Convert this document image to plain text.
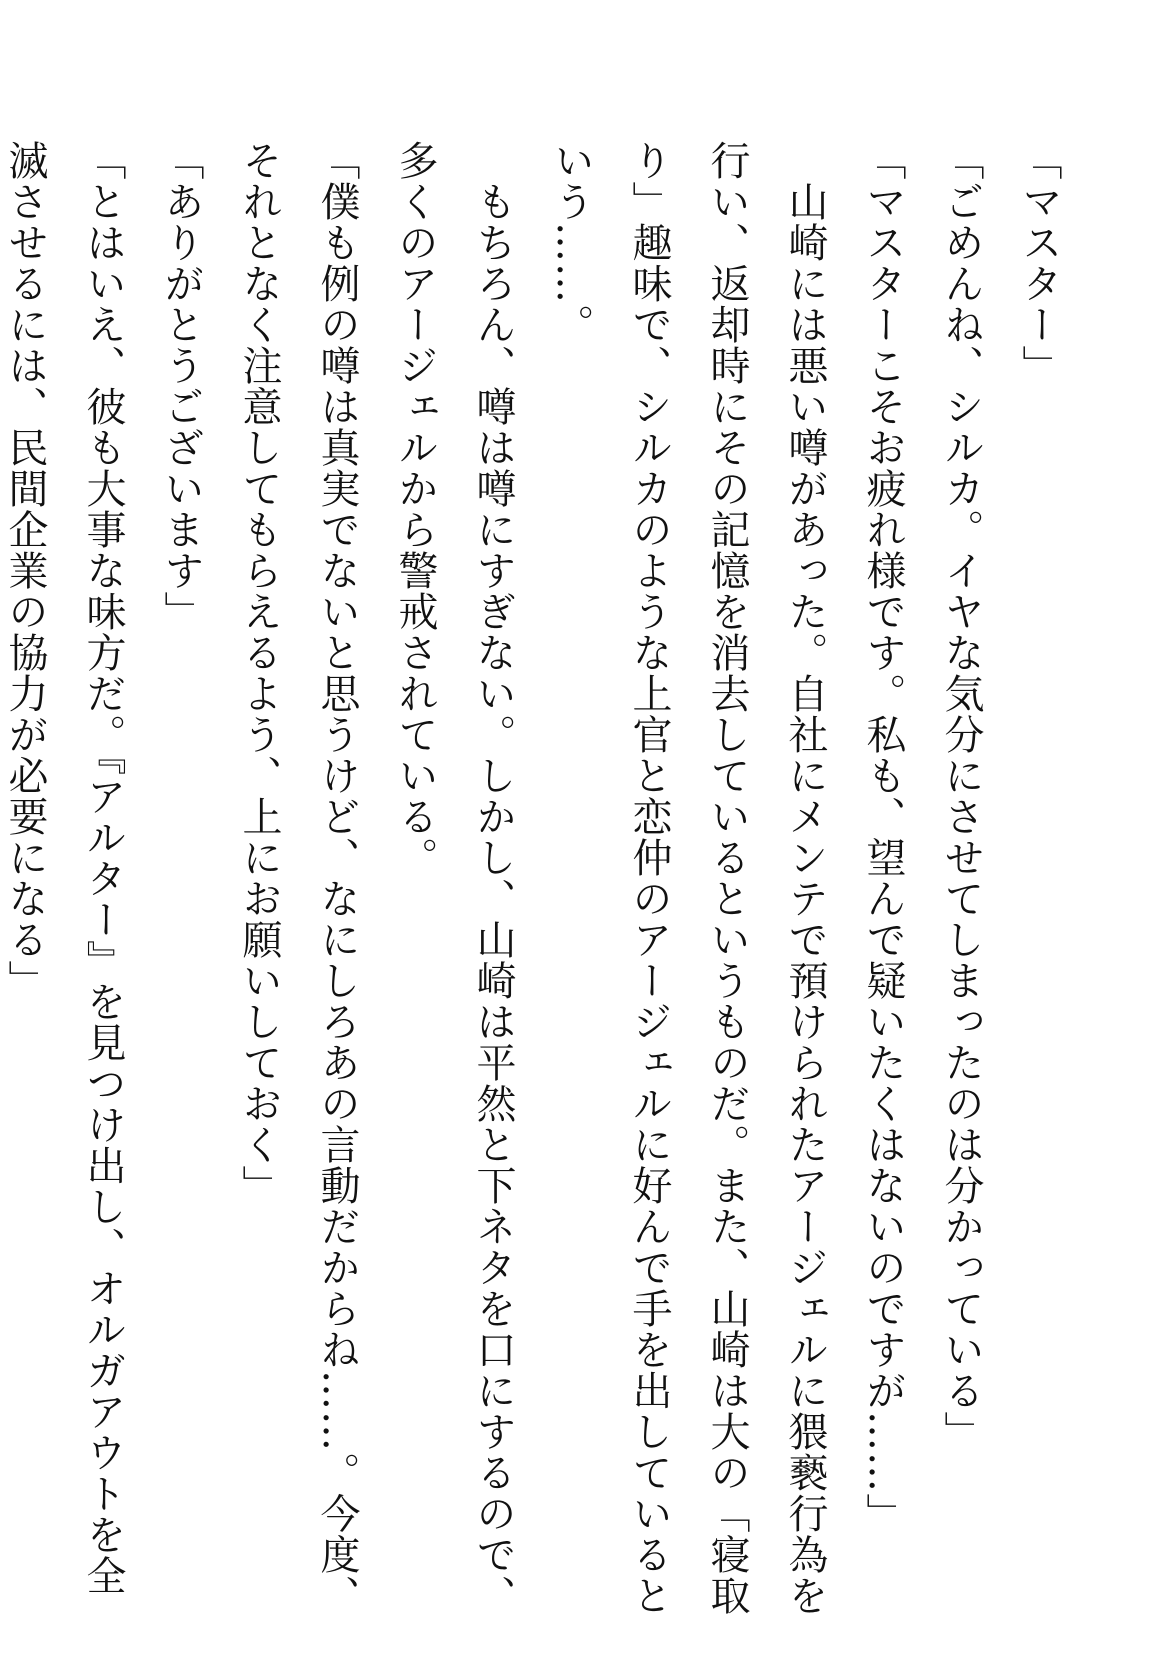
「マスター」
「ごめんね、シルカ。イヤな気分にさせてしまったのは分かっている」
「マスターこそお疲れ様です。私も、望んで疑いたくはないのですが……」
　山崎には悪い噂があった。自社にメンテで預けられたアージェルに猥褻行為を
行い、返却時にその記憶を消去しているというものだ。また、山崎は大の「寝取
り」趣味で、シルカのような上官と恋仲のアージェルに好んで手を出していると
いう……。
　もちろん、噂は噂にすぎない。しかし、山崎は平然と下ネタを口にするので、
多くのアージェルから警戒されている。
「僕も例の噂は真実でないと思うけど、なにしろあの言動だからね……。今度、
それとなく注意してもらえるよう、上にお願いしておく」
「ありがとうございます」
「とはいえ、彼も大事な味方だ。『アルター』を見つけ出し、オルガアウトを全
滅させるには、民間企業の協力が必要になる」
